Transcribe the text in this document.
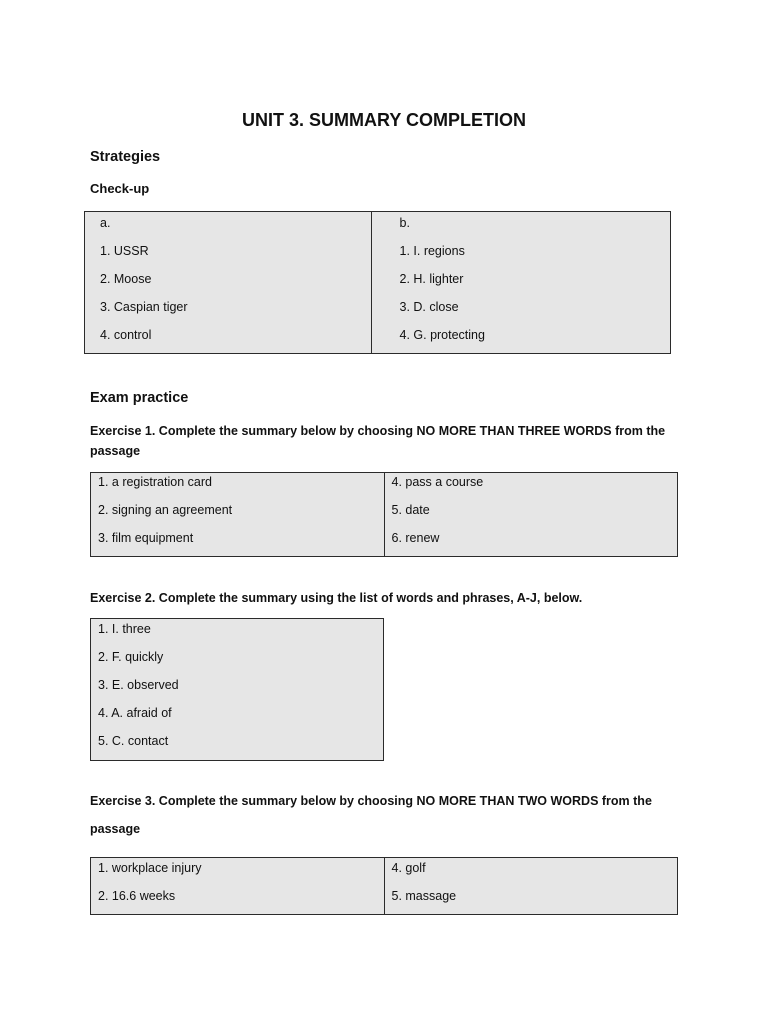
UNIT 3. SUMMARY COMPLETION
Strategies
Check-up
a.
1. USSR
2. Moose
3. Caspian tiger
4. control
b.
1. I. regions
2. H. lighter
3. D. close
4. G. protecting
Exam practice
Exercise 1. Complete the summary below by choosing NO MORE THAN THREE WORDS from the passage
1. a registration card
2. signing an agreement
3. film equipment
4. pass a course
5. date
6. renew
Exercise 2. Complete the summary using the list of words and phrases, A-J, below.
1. I. three
2. F. quickly
3. E. observed
4. A. afraid of
5. C. contact
Exercise 3. Complete the summary below by choosing NO MORE THAN TWO WORDS from the
passage
1. workplace injury
2. 16.6 weeks
4. golf
5. massage
